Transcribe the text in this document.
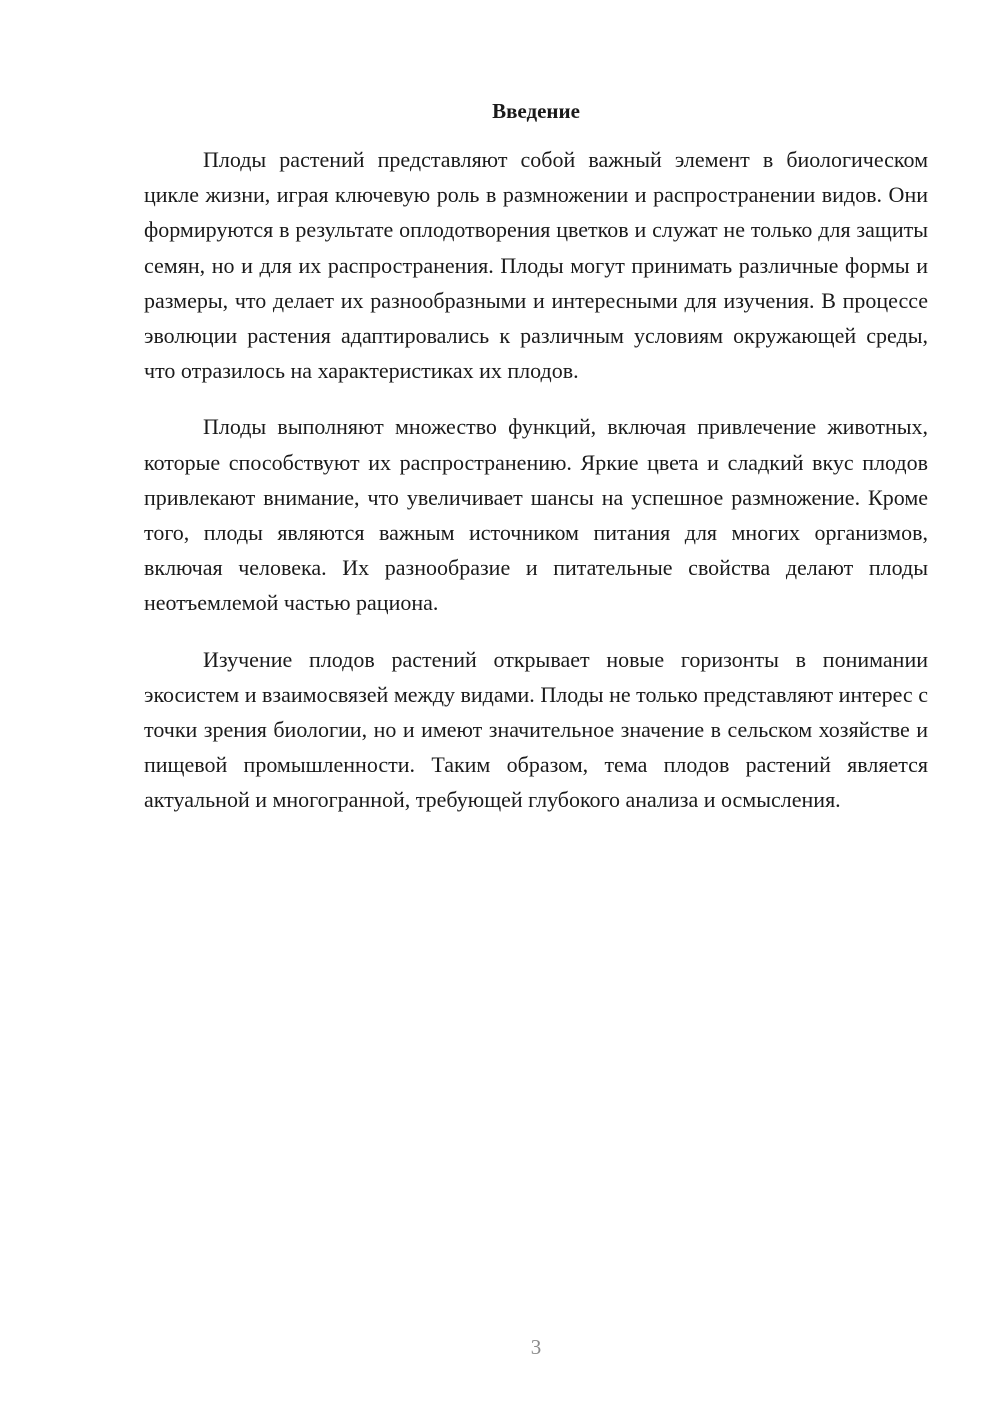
Введение

Плоды растений представляют собой важный элемент в биологическом цикле жизни, играя ключевую роль в размножении и распространении видов. Они формируются в результате оплодотворения цветков и служат не только для защиты семян, но и для их распространения. Плоды могут принимать различные формы и размеры, что делает их разнообразными и интересными для изучения. В процессе эволюции растения адаптировались к различным условиям окружающей среды, что отразилось на характеристиках их плодов.

Плоды выполняют множество функций, включая привлечение животных, которые способствуют их распространению. Яркие цвета и сладкий вкус плодов привлекают внимание, что увеличивает шансы на успешное размножение. Кроме того, плоды являются важным источником питания для многих организмов, включая человека. Их разнообразие и питательные свойства делают плоды неотъемлемой частью рациона.

Изучение плодов растений открывает новые горизонты в понимании экосистем и взаимосвязей между видами. Плоды не только представляют интерес с точки зрения биологии, но и имеют значительное значение в сельском хозяйстве и пищевой промышленности. Таким образом, тема плодов растений является актуальной и многогранной, требующей глубокого анализа и осмысления.

3
